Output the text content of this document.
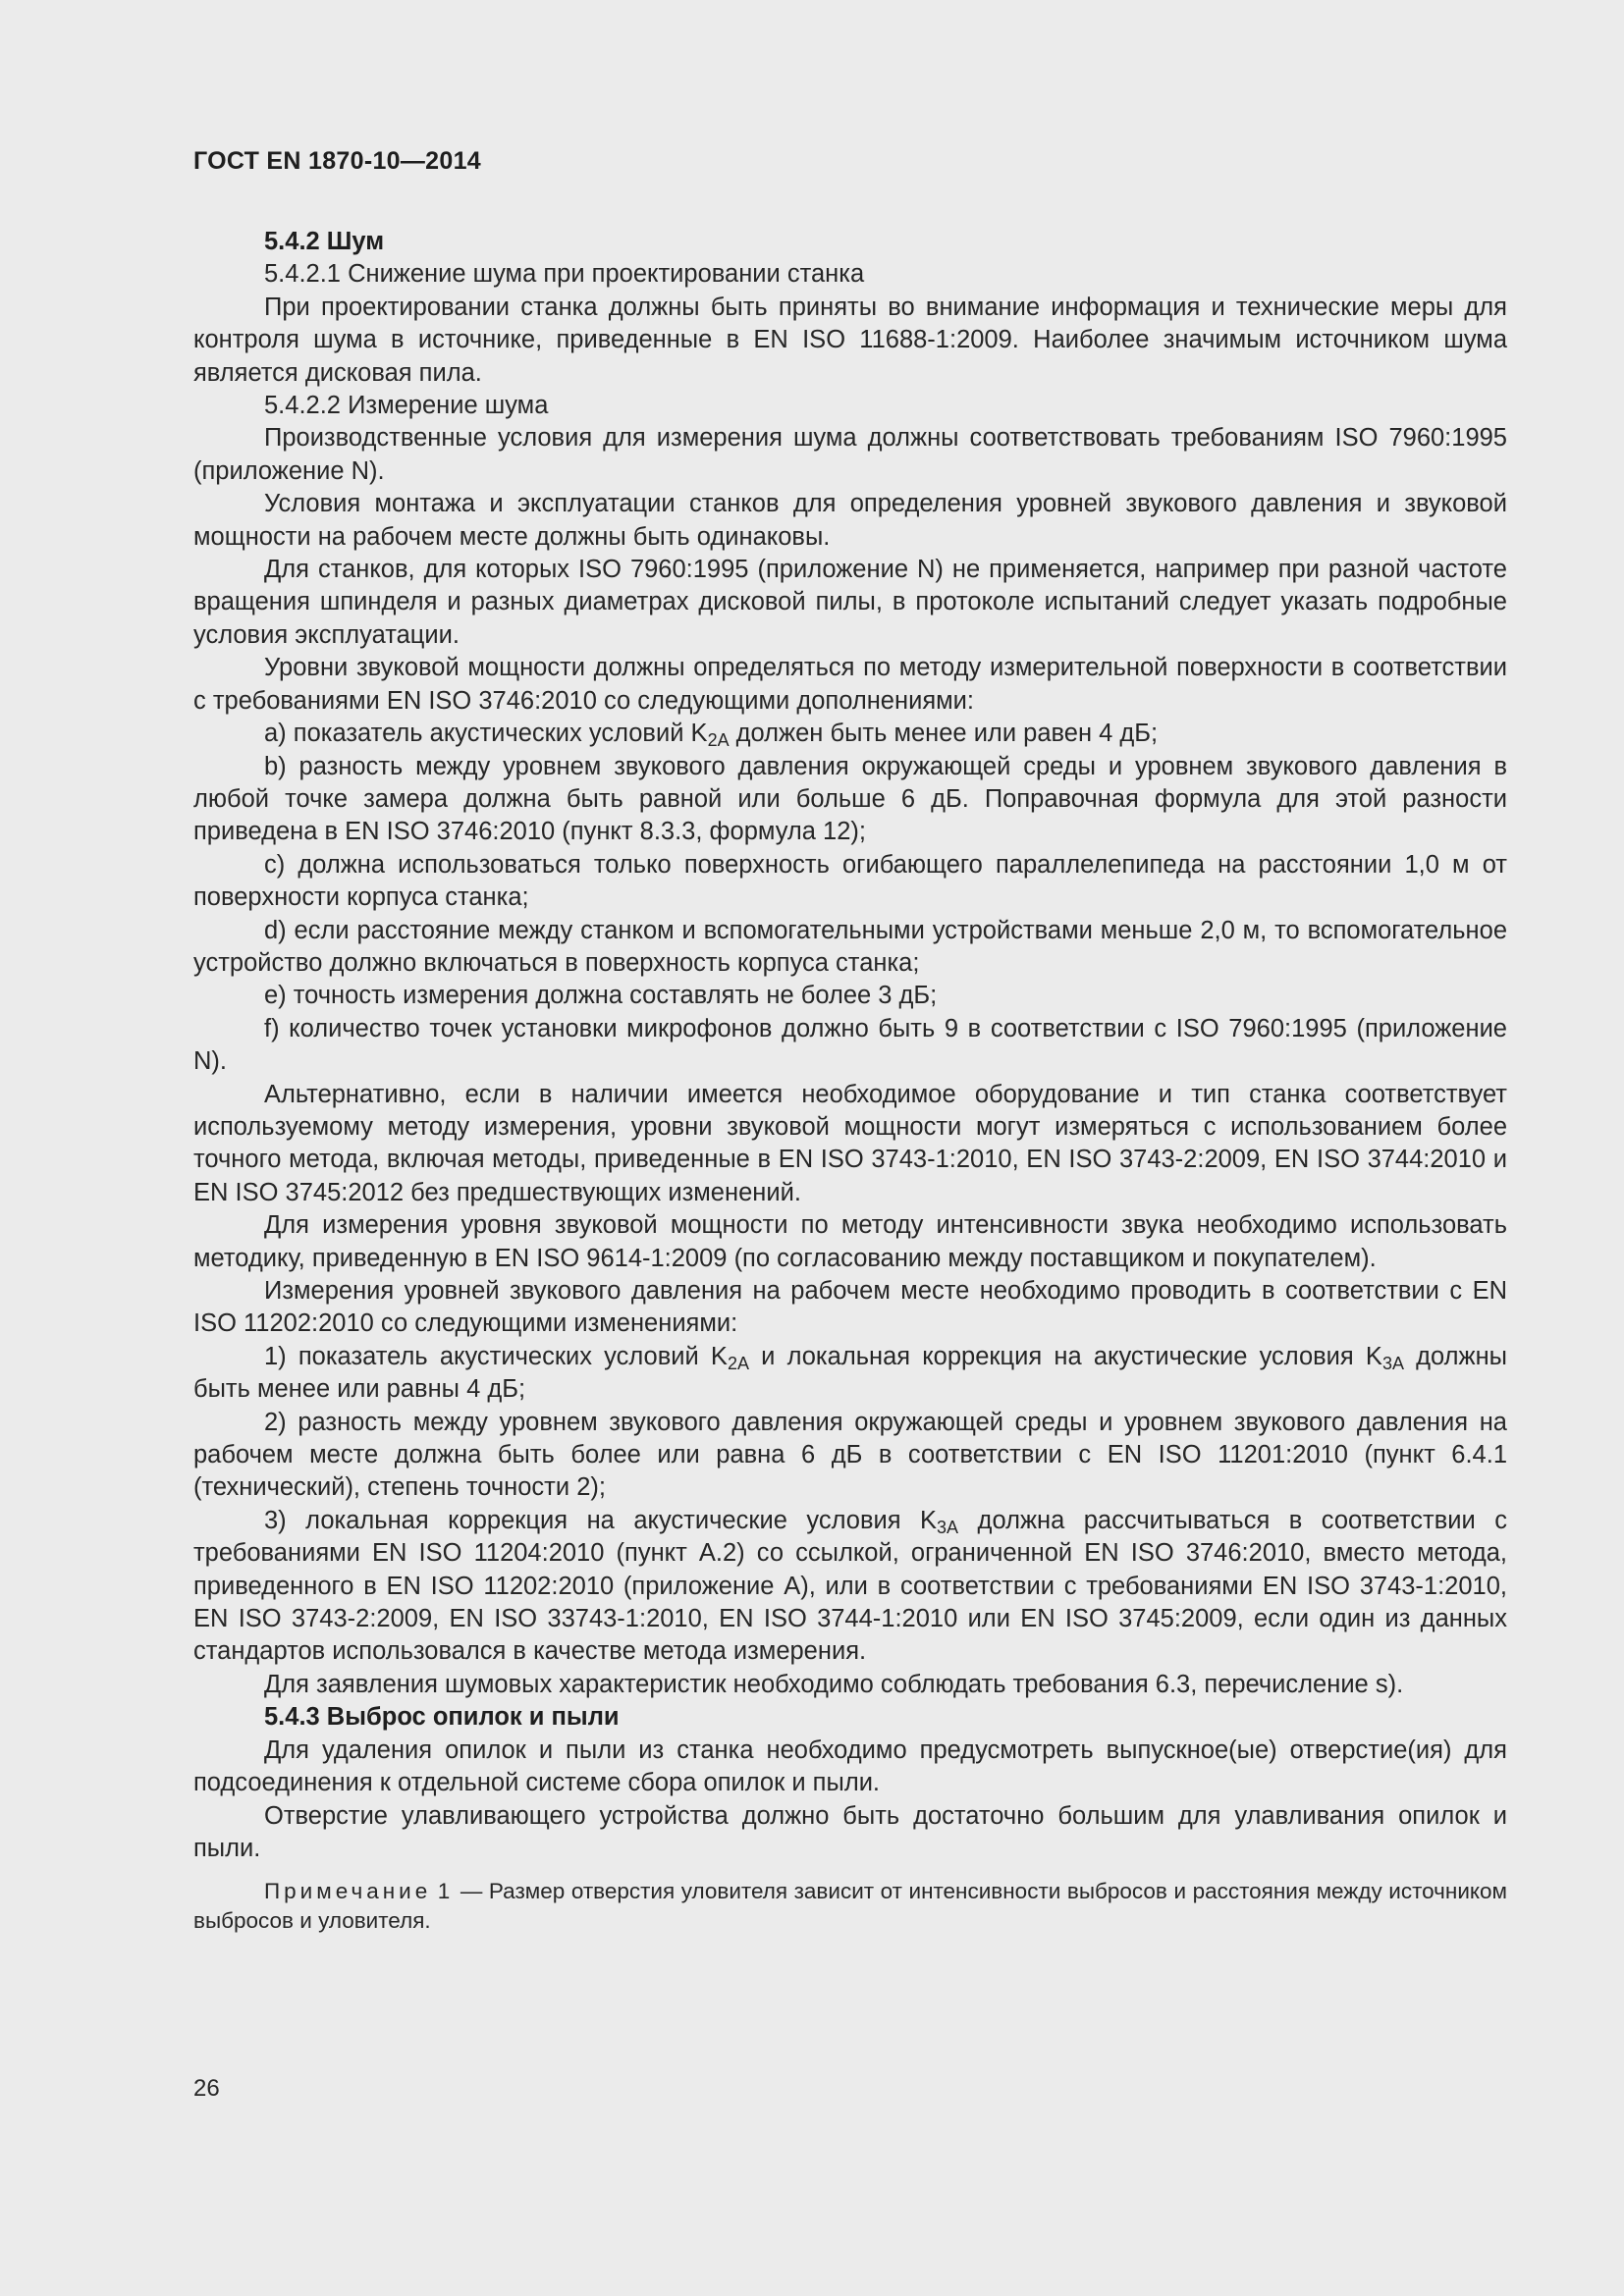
ГОСТ EN 1870-10—2014

5.4.2 Шум

5.4.2.1 Снижение шума при проектировании станка

При проектировании станка должны быть приняты во внимание информация и технические меры для контроля шума в источнике, приведенные в EN ISO 11688-1:2009. Наиболее значимым источником шума является дисковая пила.

5.4.2.2 Измерение шума

Производственные условия для измерения шума должны соответствовать требованиям ISO 7960:1995 (приложение N).

Условия монтажа и эксплуатации станков для определения уровней звукового давления и звуковой мощности на рабочем месте должны быть одинаковы.

Для станков, для которых ISO 7960:1995 (приложение N) не применяется, например при разной частоте вращения шпинделя и разных диаметрах дисковой пилы, в протоколе испытаний следует указать подробные условия эксплуатации.

Уровни звуковой мощности должны определяться по методу измерительной поверхности в соответствии с требованиями EN ISO 3746:2010 со следующими дополнениями:

a) показатель акустических условий $K_{2A}$ должен быть менее или равен 4 дБ;

b) разность между уровнем звукового давления окружающей среды и уровнем звукового давления в любой точке замера должна быть равной или больше 6 дБ. Поправочная формула для этой разности приведена в EN ISO 3746:2010 (пункт 8.3.3, формула 12);

c) должна использоваться только поверхность огибающего параллелепипеда на расстоянии 1,0 м от поверхности корпуса станка;

d) если расстояние между станком и вспомогательными устройствами меньше 2,0 м, то вспомогательное устройство должно включаться в поверхность корпуса станка;

e) точность измерения должна составлять не более 3 дБ;

f) количество точек установки микрофонов должно быть 9 в соответствии с ISO 7960:1995 (приложение N).

Альтернативно, если в наличии имеется необходимое оборудование и тип станка соответствует используемому методу измерения, уровни звуковой мощности могут измеряться с использованием более точного метода, включая методы, приведенные в EN ISO 3743-1:2010, EN ISO 3743-2:2009, EN ISO 3744:2010 и EN ISO 3745:2012 без предшествующих изменений.

Для измерения уровня звуковой мощности по методу интенсивности звука необходимо использовать методику, приведенную в EN ISO 9614-1:2009 (по согласованию между поставщиком и покупателем).

Измерения уровней звукового давления на рабочем месте необходимо проводить в соответствии с EN ISO 11202:2010 со следующими изменениями:

1) показатель акустических условий $K_{2A}$ и локальная коррекция на акустические условия $K_{3A}$ должны быть менее или равны 4 дБ;

2) разность между уровнем звукового давления окружающей среды и уровнем звукового давления на рабочем месте должна быть более или равна 6 дБ в соответствии с EN ISO 11201:2010 (пункт 6.4.1 (технический), степень точности 2);

3) локальная коррекция на акустические условия $K_{3A}$ должна рассчитываться в соответствии с требованиями EN ISO 11204:2010 (пункт A.2) со ссылкой, ограниченной EN ISO 3746:2010, вместо метода, приведенного в EN ISO 11202:2010 (приложение A), или в соответствии с требованиями EN ISO 3743-1:2010, EN ISO 3743-2:2009, EN ISO 33743-1:2010, EN ISO 3744-1:2010 или EN ISO 3745:2009, если один из данных стандартов использовался в качестве метода измерения.

Для заявления шумовых характеристик необходимо соблюдать требования 6.3, перечисление s).

5.4.3 Выброс опилок и пыли

Для удаления опилок и пыли из станка необходимо предусмотреть выпускное(ые) отверстие(ия) для подсоединения к отдельной системе сбора опилок и пыли.

Отверстие улавливающего устройства должно быть достаточно большим для улавливания опилок и пыли.

Примечание 1 — Размер отверстия уловителя зависит от интенсивности выбросов и расстояния между источником выбросов и уловителя.

26
